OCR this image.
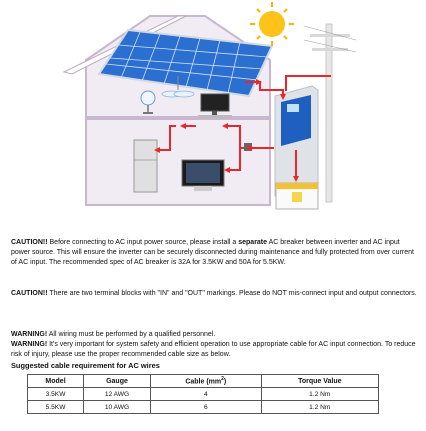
CAUTION!! Before connecting to AC input power source, please install a separate AC breaker between inverter and AC input power source. This will ensure the inverter can be securely disconnected during maintenance and fully protected from over current of AC input. The recommended spec of AC breaker is 32A for 3.5KW and 50A for 5.5KW.
CAUTION!! There are two terminal blocks with "IN" and "OUT" markings. Please do NOT mis-connect input and output connectors.
WARNING! All wiring must be performed by a qualified personnel.
WARNING! It's very important for system safety and efficient operation to use appropriate cable for AC input connection. To reduce risk of injury, please use the proper recommended cable size as below.
Suggested cable requirement for AC wires
Model	Gauge	Cable $(mm^2)$	Torque Value
3.5KW	12 AWG	4	1.2 Nm
5.5KW	10 AWG	6	1.2 Nm
